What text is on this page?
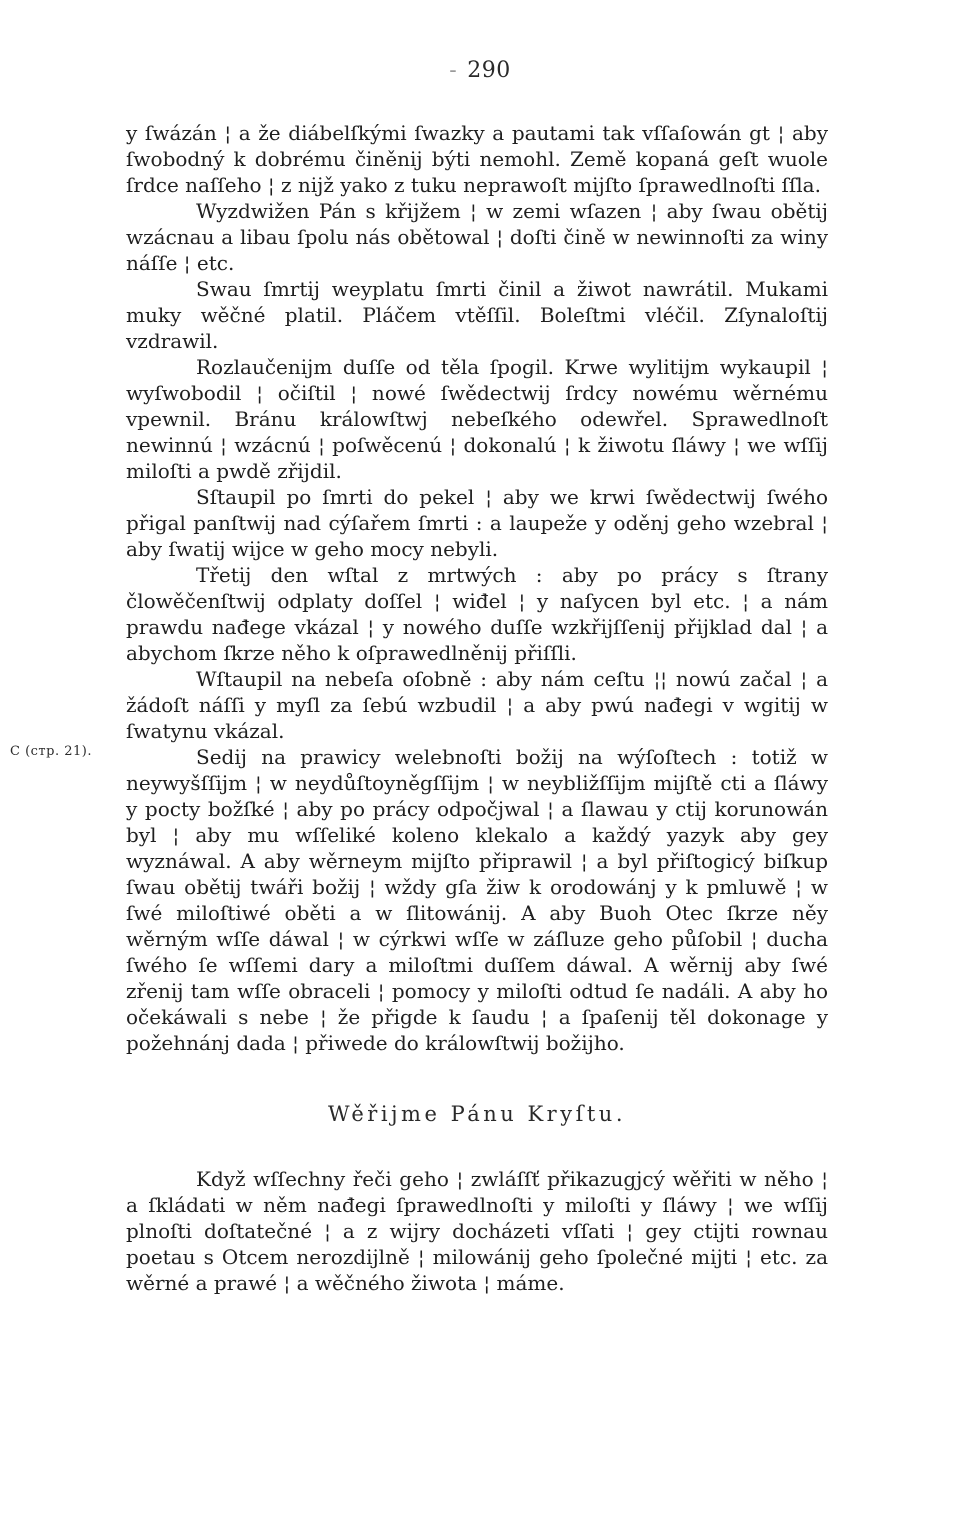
- 290
C (стр. 21).

y ſwázán ¦ a že diábelſkými ſwazky a pautami tak vſſaſowán gt ¦ aby ſwobodný k dobrému činěnij býti nemohl. Země kopaná geſt wuole ſrdce naſſeho ¦ z nijž yako z tuku neprawoſt mijſto ſprawedlnoſti ſſla.

Wyzdwižen Pán s křijžem ¦ w zemi wſazen ¦ aby ſwau obětij wzácnau a libau ſpolu nás obětowal ¦ doſti čině w newinnoſti za winy náſſe ¦ etc.

Swau ſmrtij weyplatu ſmrti činil a žiwot nawrátil. Mukami muky wěčné platil. Pláčem vtěſſil. Boleſtmi vléčil. Zſynaloſtij vzdrawil.

Rozlaučenijm duſſe od těla ſpogil. Krwe wylitijm wykaupil ¦ wyſwobodil ¦ očiſtil ¦ nowé ſwědectwij ſrdcy nowému wěrnému vpewnil. Bránu králowſtwj nebeſkého odewřel. Sprawedlnoſt newinnú ¦ wzácnú ¦ poſwěcenú ¦ dokonalú ¦ k žiwotu ſláwy ¦ we wſſij miloſti a pwdě zřijdil.

Sſtaupil po ſmrti do pekel ¦ aby we krwi ſwědectwij ſwého přigal panſtwij nad cýſařem ſmrti : a laupeže y oděnj geho wzebral ¦ aby ſwatij wijce w geho mocy nebyli.

Třetij den wſtal z mrtwých : aby po prácy s ſtrany člowěčenſtwij odplaty doſſel ¦ wiđel ¦ y naſycen byl etc. ¦ a nám prawdu nađege vkázal ¦ y nowého duſſe wzkřijſſenij přijklad dal ¦ a abychom ſkrze něho k oſprawedlněnij přiſſli.

Wſtaupil na nebeſa oſobně : aby nám ceſtu ¦¦ nowú začal ¦ a žádoſt náſſi y myſl za ſebú wzbudil ¦ a aby pwú nađegi v wgitij w ſwatynu vkázal.

Sedij na prawicy welebnoſti božij na wýſoſtech : totiž w neywyšſſijm ¦ w neydůſtoyněgſſijm ¦ w neybližſſijm mijſtě cti a ſláwy y pocty božſké ¦ aby po prácy odpočjwal ¦ a ſlawau y ctij korunowán byl ¦ aby mu wſſeliké koleno klekalo a každý yazyk aby gey wyznáwal. A aby wěrneym mijſto připrawil ¦ a byl přiſtogicý biſkup ſwau obětij twáři božij ¦ wždy gſa žiw k orodowánj y k pmluwě ¦ w ſwé miloſtiwé oběti a w ſlitowánij. A aby Buoh Otec ſkrze něy wěrným wſſe dáwal ¦ w cýrkwi wſſe w záſluze geho půſobil ¦ ducha ſwého ſe wſſemi dary a miloſtmi duſſem dáwal. A wěrnij aby ſwé zřenij tam wſſe obraceli ¦ pomocy y miloſti odtud ſe nadáli. A aby ho očekáwali s nebe ¦ že přigde k ſaudu ¦ a ſpaſenij těl dokonage y požehnánj dada ¦ přiwede do králowſtwij božijho.

Wěřijme Pánu Kryſtu.

Když wſſechny řeči geho ¦ zwláſſť přikazugjcý wěřiti w něho ¦ a ſkládati w něm nađegi ſprawedlnoſti y miloſti y ſláwy ¦ we wſſij plnoſti doſtatečné ¦ a z wijry docházeti vſſati ¦ gey ctijti rownau poetau s Otcem nerozdijlně ¦ milowánij geho ſpolečné mijti ¦ etc. za wěrné a prawé ¦ a wěčného žiwota ¦ máme.
